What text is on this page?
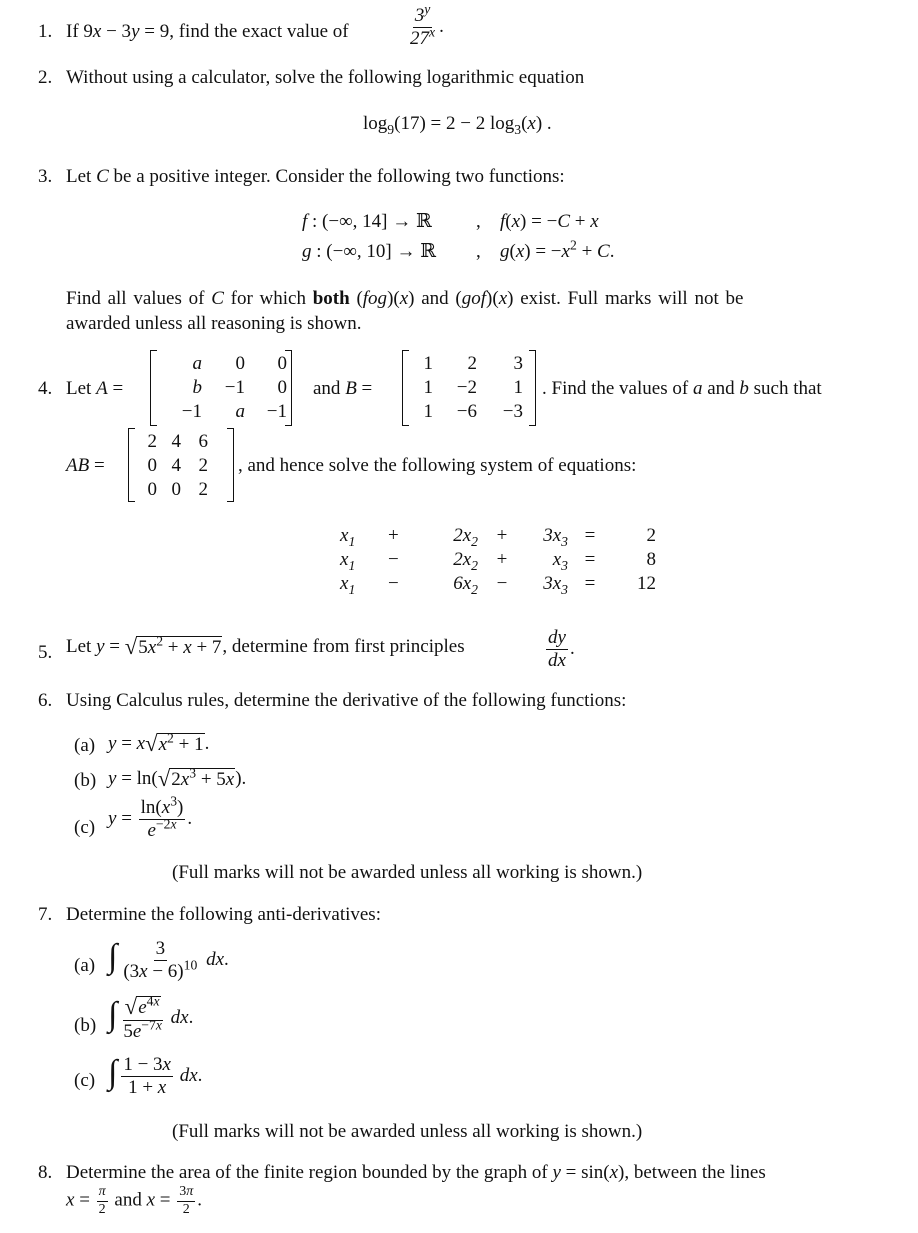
1. If 9x − 3y = 9, find the exact value of	$\frac{3^y}{27^x}$ .
2. Without using a calculator, solve the following logarithmic equation
$\log_9(17) = 2 - 2$ $\log_3(x)$ .
3. Let C be a positive integer. Consider the following two functions:
f : (−∞, 14] → ℝ , f(x) = −C + x
g : (−∞, 10] → ℝ , $g(x) = -x^2 + C$.
Find all values of C for which both (fog)(x) and (gof)(x) exist. Full marks will not be
awarded unless all reasoning is shown.
4. Let A =
a	0	0
b	−1	0
−1	a	−1
and B =
1	2	3
1	−2	1
1	−6	−3
. Find the values of a and b such that
AB =
2	4	6
0	4	2
0	0	2
, and hence solve the following system of equations:
$x_1$	+	$2x_2$	+	$3x_3$	=	2
$x_1$	−	$2x_2$	+	$x_3$	=	8
$x_1$	−	$6x_2$	−	$3x_3$	=	12
5. Let y = √ $5x^2 + x + 7$ , determine from first principles	$\frac{dy}{dx}$ .
6. Using Calculus rules, determine the derivative of the following functions:
(a) y = x √ $x^2 + 1$ .
(b) y = ln( √ $2x^3 + 5x$ ).
(c) $y = \frac{\ln(x^3)}{e^{-2x}}$ .
(Full marks will not be awarded unless all working is shown.)
7. Determine the following anti-derivatives:
(a) ∫ $\frac{3}{(3x - 6)^{10}}$ dx.
(b) ∫ $\frac{√ e^{4x}}{5e^{-7x}}$ dx.
(c) ∫ $\frac{1 - 3x}{1 + x}$ dx.
(Full marks will not be awarded unless all working is shown.)
8. Determine the area of the finite region bounded by the graph of y = sin(x), between the lines
$x = \frac{\pi}{2}$ and $x = \frac{3\pi}{2}$ .
